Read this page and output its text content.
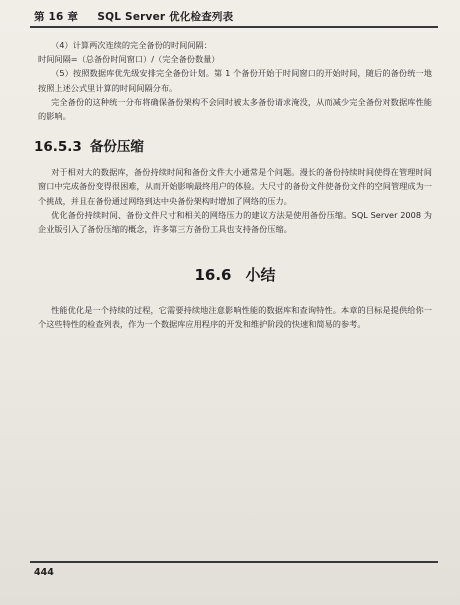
第 16 章 SQL Server 优化检查列表

（4）计算两次连续的完全备份的时间间隔：

时间间隔=（总备份时间窗口）/（完全备份数量）

（5）按照数据库优先级安排完全备份计划。第 1 个备份开始于时间窗口的开始时间，随后的备份统一地按照上述公式里计算的时间间隔分布。

完全备份的这种统一分布将确保备份架构不会同时被太多备份请求淹没，从而减少完全备份对数据库性能的影响。

16.5.3 备份压缩

对于相对大的数据库，备份持续时间和备份文件大小通常是个问题。漫长的备份持续时间使得在管理时间窗口中完成备份变得很困难，从而开始影响最终用户的体验。大尺寸的备份文件使备份文件的空间管理成为一个挑战，并且在备份通过网络到达中央备份架构时增加了网络的压力。

优化备份持续时间、备份文件尺寸和相关的网络压力的建议方法是使用备份压缩。SQL Server 2008 为企业版引入了备份压缩的概念，许多第三方备份工具也支持备份压缩。

16.6 小结

性能优化是一个持续的过程，它需要持续地注意影响性能的数据库和查询特性。本章的目标是提供给你一个这些特性的检查列表，作为一个数据库应用程序的开发和维护阶段的快速和简易的参考。

444
